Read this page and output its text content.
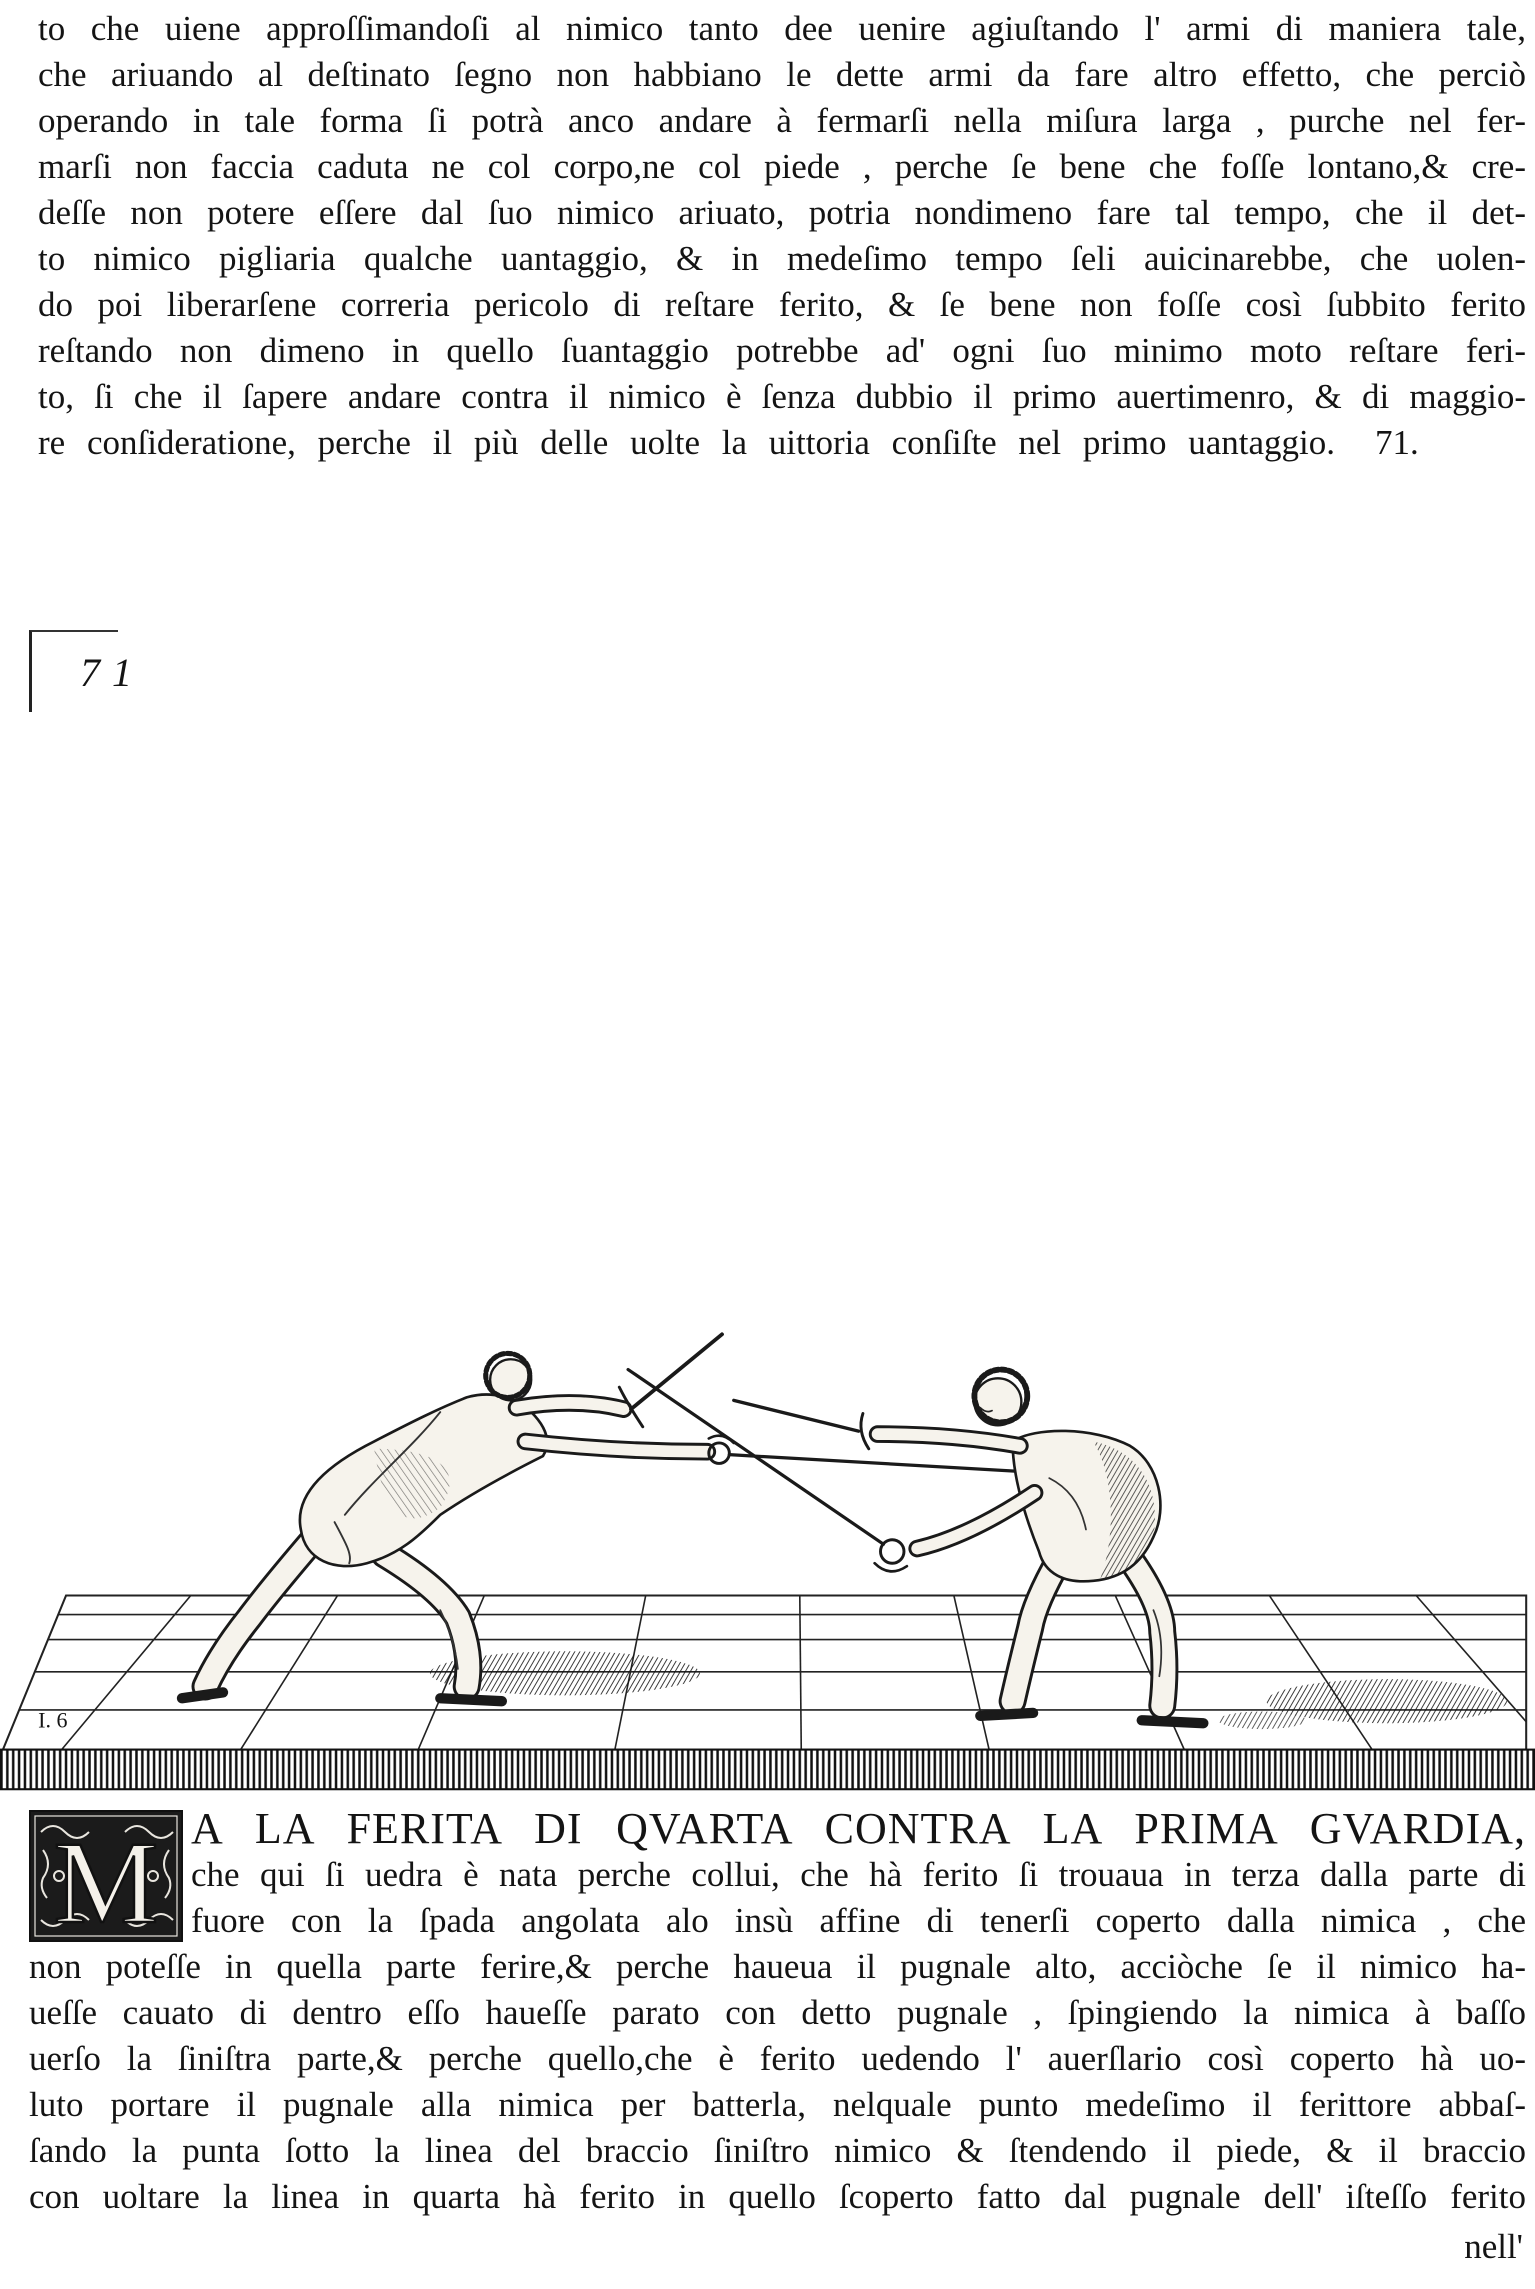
to che uiene approſſimandoſi al nimico tanto dee uenire agiuſtando l' armi di maniera tale,
che ariuando al deſtinato ſegno non habbiano le dette armi da fare altro effetto, che perciò
operando in tale forma ſi potrà anco andare à fermarſi nella miſura larga , purche nel fer-
marſi non faccia caduta ne col corpo,ne col piede , perche ſe bene che foſſe lontano,& cre-
deſſe non potere eſſere dal ſuo nimico ariuato, potria nondimeno fare tal tempo, che il det-
to nimico pigliaria qualche uantaggio, & in medeſimo tempo ſeli auicinarebbe, che uolen-
do poi liberarſene correria pericolo di reſtare ferito, & ſe bene non foſſe così ſubbito ferito
reſtando non dimeno in quello ſuantaggio potrebbe ad' ogni ſuo minimo moto reſtare feri-
to, ſi che il ſapere andare contra il nimico è ſenza dubbio il primo auertimenro, & di maggio-
re conſideratione, perche il più delle uolte la uittoria conſiſte nel primo uantaggio. 71.
71
I. 6
M A LA FERITA DI QVARTA CONTRA LA PRIMA GVARDIA,
che qui ſi uedra è nata perche collui, che hà ferito ſi trouaua in terza dalla parte di
fuore con la ſpada angolata alo insù affine di tenerſi coperto dalla nimica , che
non poteſſe in quella parte ferire,& perche haueua il pugnale alto, acciòche ſe il nimico ha-
ueſſe cauato di dentro eſſo haueſſe parato con detto pugnale , ſpingiendo la nimica à baſſo
uerſo la ſiniſtra parte,& perche quello,che è ferito uedendo l' auerſlario così coperto hà uo-
luto portare il pugnale alla nimica per batterla, nelquale punto medeſimo il ferittore abbaſ-
ſando la punta ſotto la linea del braccio ſiniſtro nimico & ſtendendo il piede, & il braccio
con uoltare la linea in quarta hà ferito in quello ſcoperto fatto dal pugnale dell' iſteſſo ferito
nell'
